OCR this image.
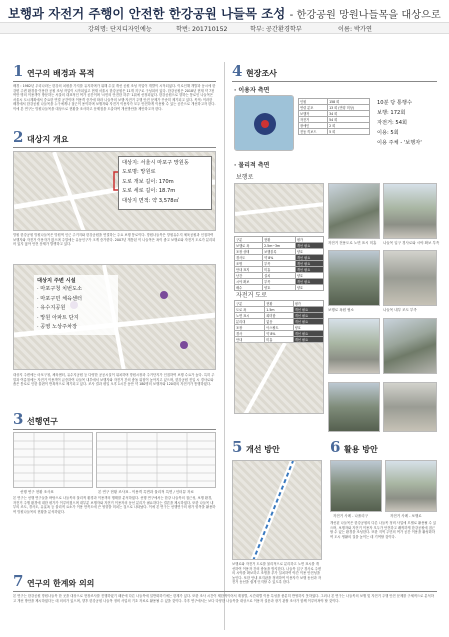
보행과 자전거 주행이 안전한 한강공원 나들목 조성 - 한강공원 망원나들목을 대상으로
강의명: 단지디자인예능	학번: 201710152	학부: 공간환경학부	이름: 박가연
1 연구의 배경과 목적
배경 : 1982년 우리나라는 한강의 치평을 가지를 유지하며가 위해 수질 개선 공원 조성 작업이 개발이 시작되었다. 이로인해 개발과 동시에 한강변 주변 환경을 이용한 공원 조성 작업이 시작되었고 현재 서울시 한강공원은 11개 지구로 구성되어 있다. 한강공원은 2018년 현재 약 7천여만 명의 이용객이 방문하는 서울의 대표적인 여가 공간이며 '시민의 안전한 하루' 1위에 선정되었다. 한강공원으로 향하는 통로인 나들목은 서울시 도시계획에서 중요한 연결 공간이며 이용객 증가에 따라 나들목의 보행·자전거 주행 안전 문제가 꾸준히 제기되고 있다. 목적: 이러한 배경에서 한강공원 나들목을 누구에게나 접근이 용이하며 보행자와 자전거 이용자가 모두 안전하게 이용할 수 있는 공간으로 개선하고자 한다. 이에 본 연구는 망원나들목을 대상으로 현황을 조사하고 문제점을 도출하여 개선방안을 제안하고자 한다.
2 대상지 개요
대상지: 서울시 마포구 망원동
도로명: 망원로
도로 개보 길이: 170m
도로 세로 길이: 18.7m
대상지 면적: 약 3,578㎡
망원 한강공원 망원나들목은 망원역 인근 주거지와 한강공원을 연결하는 주요 보행 통로이다. 망원나들목은 망원유수지 체육공원과 인접하여 보행자와 자전거 이용자가 많으며 주말에는 유동인구가 크게 증가한다. 2007년 개통된 이 나들목은 폭이 좁고 보행로와 자전거 도로가 분리되어 있지 않아 안전 문제가 발생하고 있다.
대상지 주변 시설
· 마포구청 치번도소
· 마포구민 체육센터
· 유수지공원
· 망원 아파트 단지
· 공영 노상주차장
대상지 주변에는 마포구청, 체육센터, 유수지공원 등 다양한 공공시설이 위치하며 망원시장과 주거단지가 인접하여 보행 수요가 높다. 특히 주말과 여름철에는 자전거 이용객이 급증하여 나들목 내부에서 보행자와 자전거 간의 충돌 위험이 높아지고 있으며, 한강공원 진입 시 경사로와 좁은 통로로 인한 불편이 반복적으로 제기되고 있다. 조사 결과 평일 오후 1시간 동안 약 180명의 보행자와 120대의 자전거가 통행하였다.
3 선행연구
선행 연구 현황 조사표	본 연구 현황 조사표 - 이용객 특면과 물리적 특면 / 인터뷰 자료
본 연구는 선행 연구들을 바탕으로 나들목의 물리적 환경과 이용객의 행태를 분석하였다. 선행 연구에서는 한강 나들목의 접근성, 보행 환경, 자전거 주행 환경에 대한 평가가 이루어졌으며 대부분 보행자와 자전거 이용자의 동선 분리가 필요하다는 결론을 제시하였다. 또한 나들목 내부의 조도, 경사도, 유효폭 등 물리적 요소가 이용 만족도에 큰 영향을 미치는 것으로 나타났다. 이에 본 연구는 선행연구의 평가 항목을 활용하여 망원나들목의 현황을 분석하였다.
4 현장조사
· 이용자 측면
인원	158 회
연령 분포	13 회 (연령 미상)
보행자	34 회
자전거	54 회
장애인	2 회
전동 킥보드	5 회
10분 당 통행수
보행: 172회
자전거: 54회
이용: 5회
이용 주체 - '보행자'
· 물리적 측면
보행로
구분	현황	평가
보행로 폭	2.5m~3m	개선 필요
포장 상태	보행블록	양호
경사도	약 8%	개선 필요
조명	부족	개선 필요
안내 표지	미흡	개선 필요
난간	설치	양호
시야 확보	부족	개선 필요
배수	양호	양호
자전거 도로
구분	현황	평가
도로 폭	1.5m	개선 필요
노면 표시	희미함	개선 필요
분리대	없음	개선 필요
포장	아스팔트	양호
경사	약 8%	개선 필요
안내	미흡	개선 필요
자전거 전용도로 노면 표시 미흡 나들목 입구 경사로와 시야 확보 부족
보행로 폭원 협소	나들목 내부 조도 부족
5 개선 방안
보행로와 자전거 도로를 물리적으로 분리하고 노면 표시를 개선하여 이용자 간의 충돌을 방지한다. 나들목 입구 경사로 주변의 시야를 확보하고 조명을 추가 설치하여 야간 이용 안전성을 높인다. 또한 안내 표지판을 정비하여 이용자가 보행 동선과 자전거 동선을 쉽게 인지할 수 있도록 한다.
6 활용 방안
자전거 사례 - 나폴리구	자전거 사례 - 보행로
개선된 나들목은 한강공원의 다른 나들목 정비 사업에 모델로 활용될 수 있으며, 보행자와 자전거 이용자 모두가 안전하고 쾌적하게 한강공원에 접근할 수 있는 환경을 조성한다. 또한 지역 주민의 여가 공간 이용을 활성화하여 도시 생활의 질을 높이는 데 기여할 것이다.
7 연구의 한계와 의의
본 연구는 한강공원 망원나들목 한 곳을 대상으로 현장조사를 진행하였기 때문에 다른 나들목에 일반화하기에는 한계가 있다. 또한 조사 시간이 제한적이어서 계절별, 시간대별 이용 특성을 충분히 반영하지 못하였다. 그러나 본 연구는 나들목의 보행 및 자전거 주행 안전 문제를 구체적으로 분석하고 개선 방안을 제시하였다는 데 의의가 있으며, 향후 한강공원 나들목 정비 사업의 기초 자료로 활용될 수 있을 것이다. 추후 연구에서는 보다 다양한 나들목을 대상으로 이용자 설문과 장기 관찰 조사가 함께 이루어져야 할 것이다.
